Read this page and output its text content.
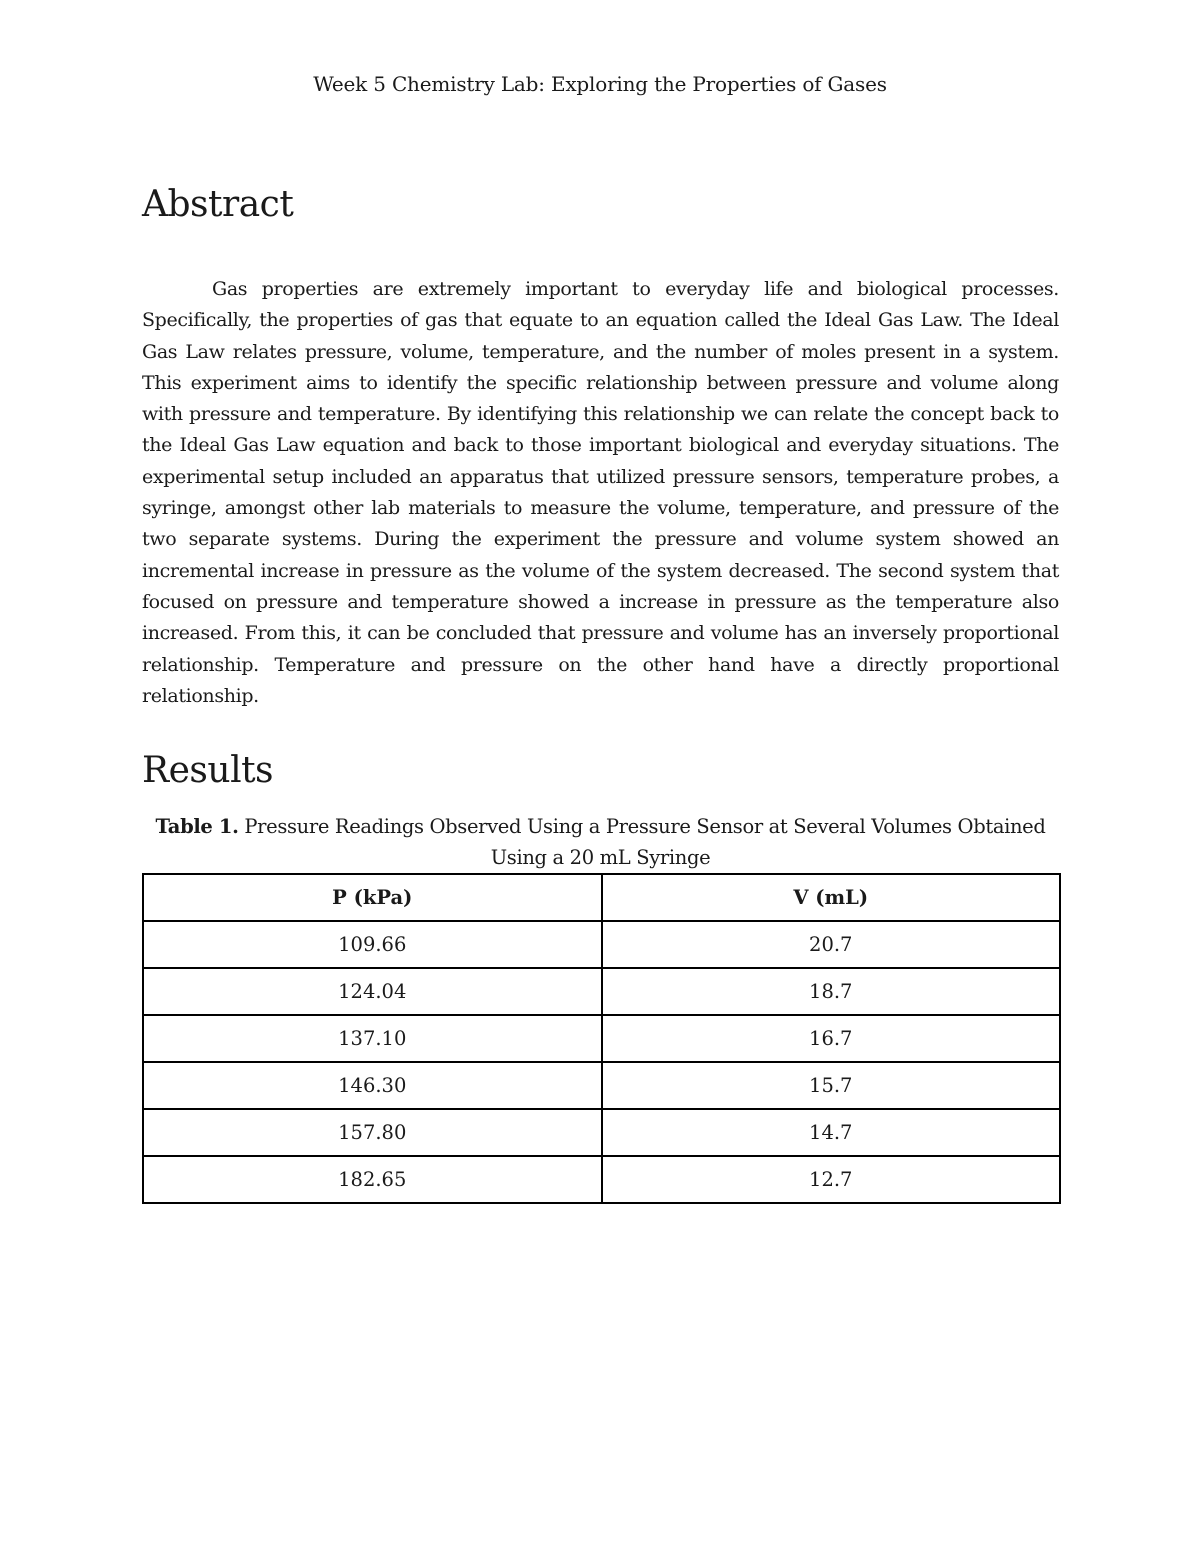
Week 5 Chemistry Lab: Exploring the Properties of Gases
Abstract

Gas properties are extremely important to everyday life and biological processes. Specifically, the properties of gas that equate to an equation called the Ideal Gas Law. The Ideal Gas Law relates pressure, volume, temperature, and the number of moles present in a system. This experiment aims to identify the specific relationship between pressure and volume along with pressure and temperature. By identifying this relationship we can relate the concept back to the Ideal Gas Law equation and back to those important biological and everyday situations. The experimental setup included an apparatus that utilized pressure sensors, temperature probes, a syringe, amongst other lab materials to measure the volume, temperature, and pressure of the two separate systems. During the experiment the pressure and volume system showed an incremental increase in pressure as the volume of the system decreased. The second system that focused on pressure and temperature showed a increase in pressure as the temperature also increased. From this, it can be concluded that pressure and volume has an inversely proportional relationship. Temperature and pressure on the other hand have a directly proportional relationship.

Results
Table 1. Pressure Readings Observed Using a Pressure Sensor at Several Volumes Obtained Using a 20 mL Syringe
P (kPa)	V (mL)
109.66	20.7
124.04	18.7
137.10	16.7
146.30	15.7
157.80	14.7
182.65	12.7
